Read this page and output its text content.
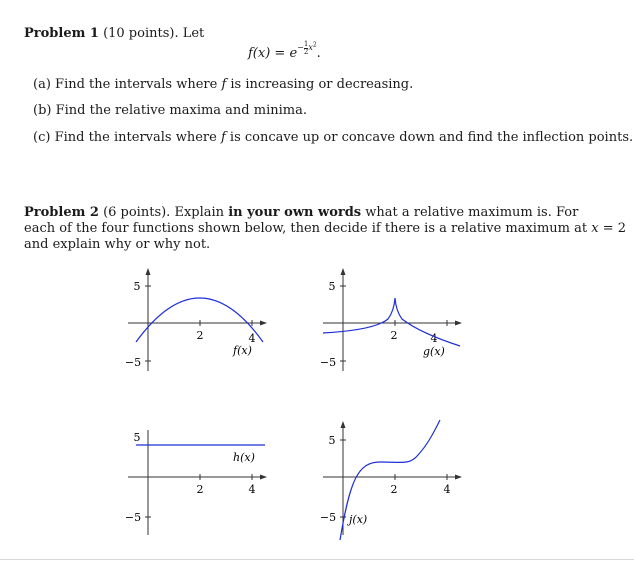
Problem 1 (10 points). Let
$f(x) = e^{- \frac{1}{2} x^2}$.
(a) Find the intervals where f is increasing or decreasing.
(b) Find the relative maxima and minima.
(c) Find the intervals where f is concave up or concave down and find the inflection points.
Problem 2 (6 points). Explain in your own words what a relative maximum is. For
each of the four functions shown below, then decide if there is a relative maximum at x = 2
and explain why or why not.
5
−5
2	4
f(x)
5
−5
2	4
g(x)
5
−5
2	4
h(x)
5
−5
2	4
j(x)
